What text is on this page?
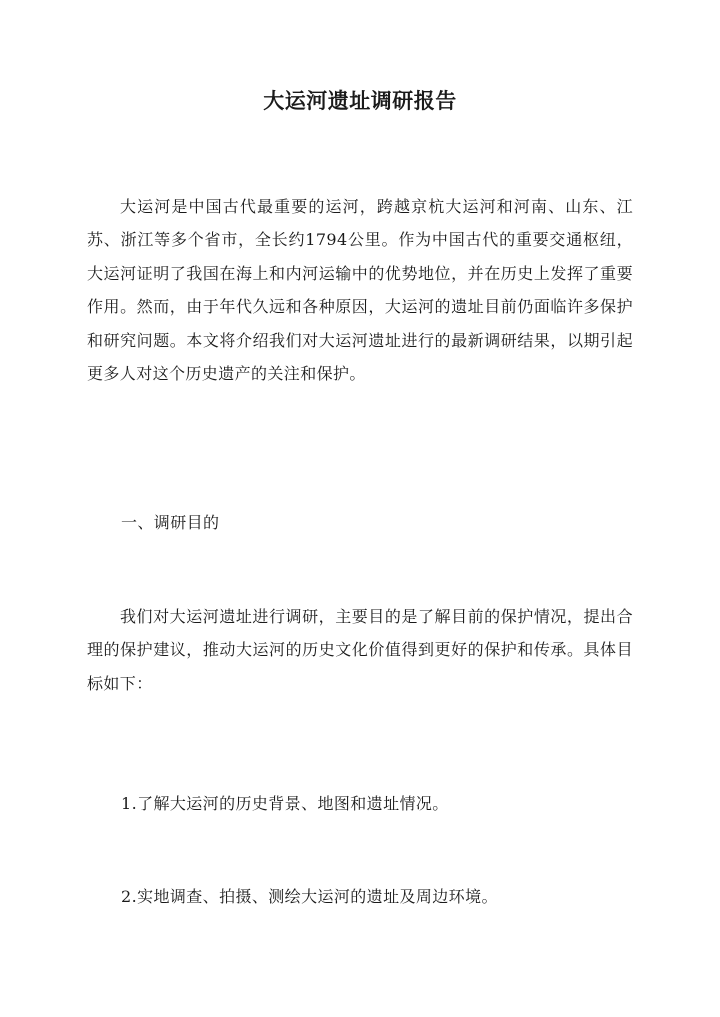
大运河遗址调研报告

大运河是中国古代最重要的运河，跨越京杭大运河和河南、山东、江苏、浙江等多个省市，全长约1794公里。作为中国古代的重要交通枢纽，大运河证明了我国在海上和内河运输中的优势地位，并在历史上发挥了重要作用。然而，由于年代久远和各种原因，大运河的遗址目前仍面临许多保护和研究问题。本文将介绍我们对大运河遗址进行的最新调研结果，以期引起更多人对这个历史遗产的关注和保护。

一、调研目的

我们对大运河遗址进行调研，主要目的是了解目前的保护情况，提出合理的保护建议，推动大运河的历史文化价值得到更好的保护和传承。具体目标如下：

1.了解大运河的历史背景、地图和遗址情况。
2.实地调查、拍摄、测绘大运河的遗址及周边环境。
